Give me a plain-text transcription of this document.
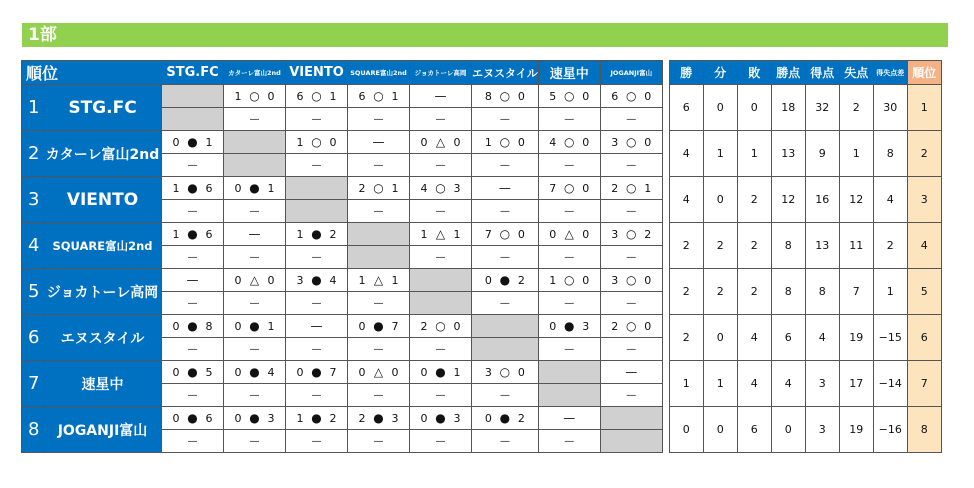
1部
順位		STG.FC	カターレ富山2nd	VIENTO	SQUARE富山2nd	ジョカトーレ高岡	エヌスタイル	速星中	JOGANJI富山		勝	分	敗	勝点	得点	失点	得失点差	順位
1	STG.FC		1 ○ 0	6 ○ 1	6 ○ 1	—	8 ○ 0	5 ○ 0	6 ○ 0		6	0	0	18	32	2	30	1
			—	—	—	—	—	—	—									
2	カターレ富山2nd	0 ● 1		1 ○ 0	—	0 △ 0	1 ○ 0	4 ○ 0	3 ○ 0		4	1	1	13	9	1	8	2
		—		—	—	—	—	—	—									
3	VIENTO	1 ● 6	0 ● 1		2 ○ 1	4 ○ 3	—	7 ○ 0	2 ○ 1		4	0	2	12	16	12	4	3
		—	—		—	—	—	—	—									
4	SQUARE富山2nd	1 ● 6	—	1 ● 2		1 △ 1	7 ○ 0	0 △ 0	3 ○ 2		2	2	2	8	13	11	2	4
		—	—	—		—	—	—	—									
5	ジョカトーレ高岡	—	0 △ 0	3 ● 4	1 △ 1		0 ● 2	1 ○ 0	3 ○ 0		2	2	2	8	8	7	1	5
		—	—	—	—		—	—	—									
6	エヌスタイル	0 ● 8	0 ● 1	—	0 ● 7	2 ○ 0		0 ● 3	2 ○ 0		2	0	4	6	4	19	−15	6
		—	—	—	—	—		—	—									
7	速星中	0 ● 5	0 ● 4	0 ● 7	0 △ 0	0 ● 1	3 ○ 0		—		1	1	4	4	3	17	−14	7
		—	—	—	—	—	—		—									
8	JOGANJI富山	0 ● 6	0 ● 3	1 ● 2	2 ● 3	0 ● 3	0 ● 2	—			0	0	6	0	3	19	−16	8
		—	—	—	—	—	—	—										
